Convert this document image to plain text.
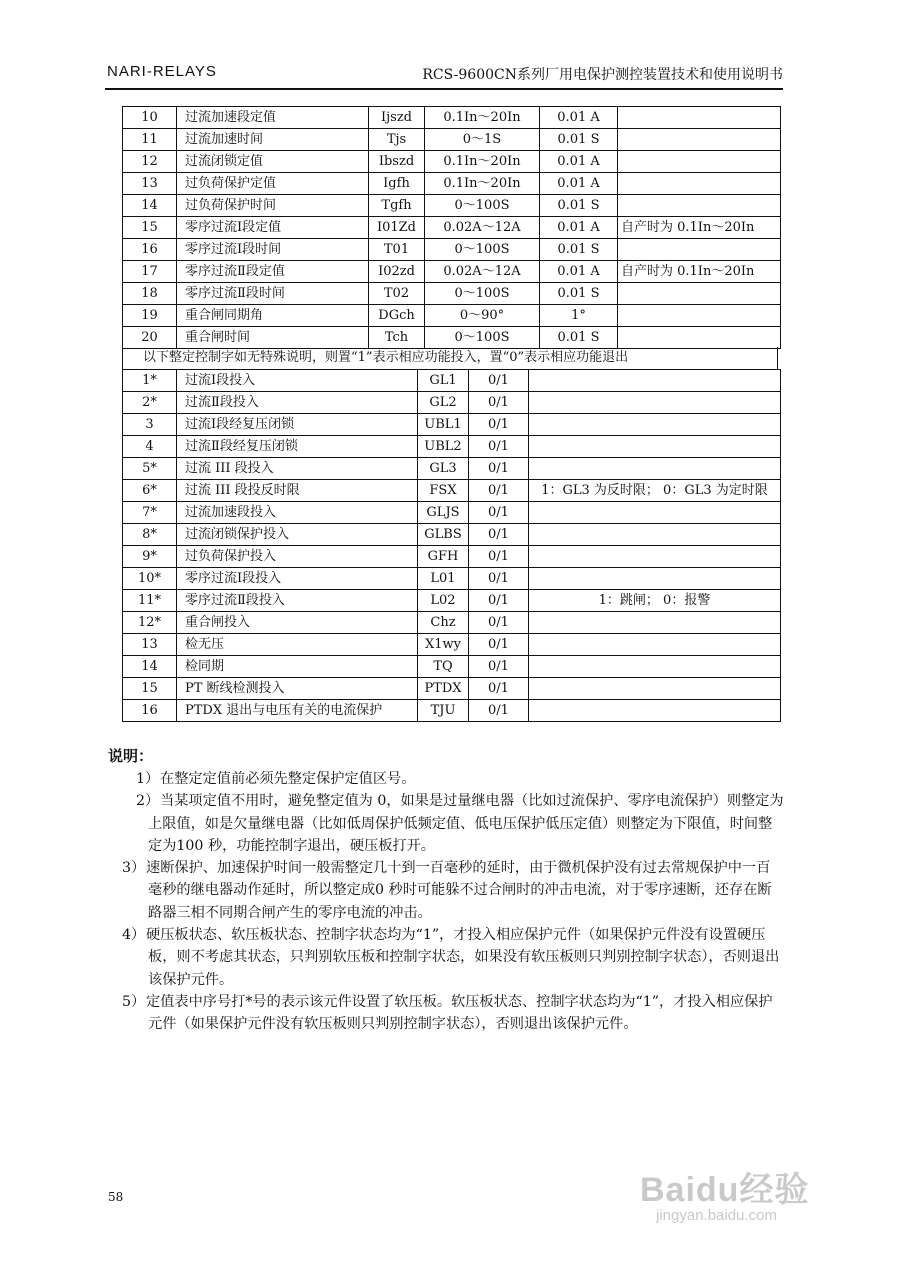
NARI-RELAYS	RCS-9600CN系列厂用电保护测控装置技术和使用说明书
10	过流加速段定值	Ijszd	0.1In～20In	0.01 A	
11	过流加速时间	Tjs	0～1S	0.01 S	
12	过流闭锁定值	Ibszd	0.1In～20In	0.01 A	
13	过负荷保护定值	Igfh	0.1In～20In	0.01 A	
14	过负荷保护时间	Tgfh	0～100S	0.01 S	
15	零序过流Ⅰ段定值	I01Zd	0.02A～12A	0.01 A	自产时为 0.1In～20In
16	零序过流Ⅰ段时间	T01	0～100S	0.01 S	
17	零序过流Ⅱ段定值	I02zd	0.02A～12A	0.01 A	自产时为 0.1In～20In
18	零序过流Ⅱ段时间	T02	0～100S	0.01 S	
19	重合闸同期角	DGch	0～90°	1°	
20	重合闸时间	Tch	0～100S	0.01 S	
以下整定控制字如无特殊说明，则置“1”表示相应功能投入，置“0”表示相应功能退出
1*	过流Ⅰ段投入	GL1	0/1	
2*	过流Ⅱ段投入	GL2	0/1	
3	过流Ⅰ段经复压闭锁	UBL1	0/1	
4	过流Ⅱ段经复压闭锁	UBL2	0/1	
5*	过流 III 段投入	GL3	0/1	
6*	过流 III 段投反时限	FSX	0/1	1：GL3 为反时限； 0：GL3 为定时限
7*	过流加速段投入	GLJS	0/1	
8*	过流闭锁保护投入	GLBS	0/1	
9*	过负荷保护投入	GFH	0/1	
10*	零序过流Ⅰ段投入	L01	0/1	
11*	零序过流Ⅱ段投入	L02	0/1	1：跳闸； 0：报警
12*	重合闸投入	Chz	0/1	
13	检无压	X1wy	0/1	
14	检同期	TQ	0/1	
15	PT 断线检测投入	PTDX	0/1	
16	PTDX 退出与电压有关的电流保护	TJU	0/1	
说明：
1） 在整定定值前必须先整定保护定值区号。
2） 当某项定值不用时，避免整定值为 0，如果是过量继电器（比如过流保护、零序电流保护）则整定为上限值，如是欠量继电器（比如低周保护低频定值、低电压保护低压定值）则整定为下限值，时间整定为100 秒，功能控制字退出，硬压板打开。
3） 速断保护、加速保护时间一般需整定几十到一百毫秒的延时，由于微机保护没有过去常规保护中一百毫秒的继电器动作延时，所以整定成0 秒时可能躲不过合闸时的冲击电流，对于零序速断，还存在断路器三相不同期合闸产生的零序电流的冲击。
4） 硬压板状态、软压板状态、控制字状态均为“1”，才投入相应保护元件（如果保护元件没有设置硬压板，则不考虑其状态，只判别软压板和控制字状态，如果没有软压板则只判别控制字状态），否则退出该保护元件。
5） 定值表中序号打*号的表示该元件设置了软压板。软压板状态、控制字状态均为“1”，才投入相应保护元件（如果保护元件没有软压板则只判别控制字状态），否则退出该保护元件。
58	Baidu经验
jingyan.baidu.com
